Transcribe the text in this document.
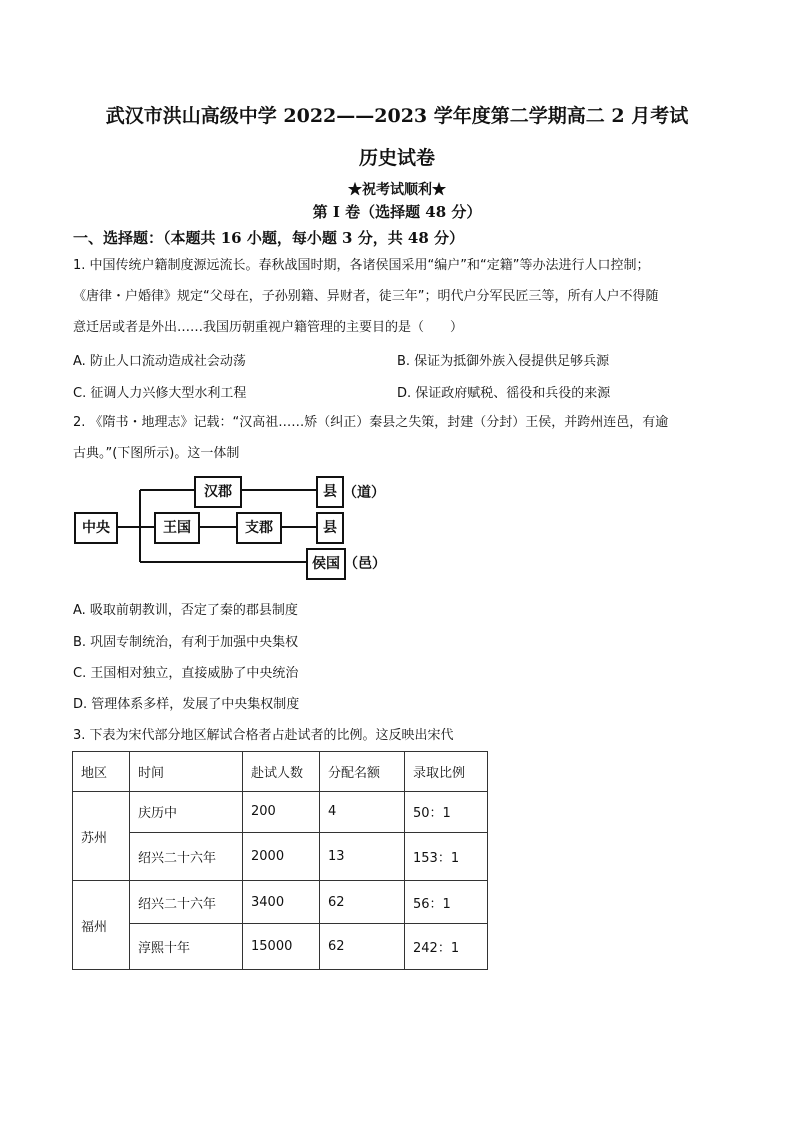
武汉市洪山高级中学 2022——2023 学年度第二学期高二 2 月考试
历史试卷
★祝考试顺利★
第 I 卷（选择题 48 分）
一、选择题：（本题共 16 小题，每小题 3 分，共 48 分）
1. 中国传统户籍制度源远流长。春秋战国时期，各诸侯国采用“编户”和“定籍”等办法进行人口控制；
《唐律・户婚律》规定“父母在，子孙别籍、异财者，徒三年”；明代户分军民匠三等，所有人户不得随
意迁居或者是外出……我国历朝重视户籍管理的主要目的是（　　）
A. 防止人口流动造成社会动荡	B. 保证为抵御外族入侵提供足够兵源
C. 征调人力兴修大型水利工程	D. 保证政府赋税、徭役和兵役的来源
2. 《隋书・地理志》记载：“汉高祖……矫（纠正）秦县之失策，封建（分封）王侯，并跨州连邑，有逾
古典。”(下图所示)。这一体制
中央
汉郡
王国	支郡
侯国
县 （道）
县
（邑）
A. 吸取前朝教训，否定了秦的郡县制度
B. 巩固专制统治，有利于加强中央集权
C. 王国相对独立，直接威胁了中央统治
D. 管理体系多样，发展了中央集权制度
3. 下表为宋代部分地区解试合格者占赴试者的比例。这反映出宋代
地区	时间	赴试人数	分配名额	录取比例
苏州	庆历中	200	4	50：1
	绍兴二十六年	2000	13	153：1
福州	绍兴二十六年	3400	62	56：1
	淳熙十年	15000	62	242：1
